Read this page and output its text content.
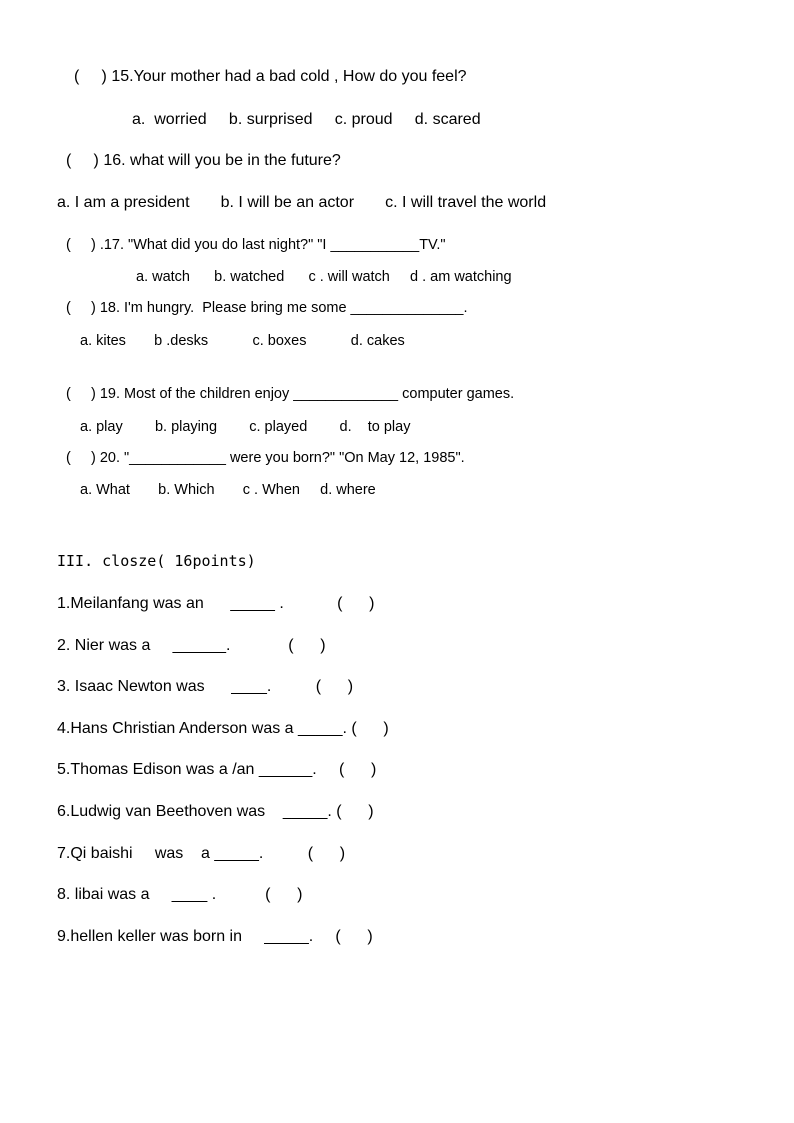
(     ) 15.Your mother had a bad cold , How do you feel?
a.  worried     b. surprised     c. proud     d. scared
(     ) 16. what will you be in the future?
a. I am a president       b. I will be an actor       c. I will travel the world
(     ) .17. "What did you do last night?" "I ___________TV."
a. watch      b. watched      c . will watch     d . am watching
(     ) 18. I'm hungry.  Please bring me some ______________.
a. kites       b .desks           c. boxes           d. cakes
(     ) 19. Most of the children enjoy _____________ computer games.
a. play        b. playing        c. played        d.    to play
(     ) 20. "____________ were you born?" "On May 12, 1985".
a. What       b. Which       c . When     d. where
III. closze( 16points)
1.Meilanfang was an      _____ .            (      )
2. Nier was a     ______.             (      )
3. Isaac Newton was      ____.          (      )
4.Hans Christian Anderson was a _____. (      )
5.Thomas Edison was a /an ______.     (      )
6.Ludwig van Beethoven was    _____. (      )
7.Qi baishi     was    a _____.          (      )
8. libai was a     ____ .           (      )
9.hellen keller was born in     _____.     (      )
